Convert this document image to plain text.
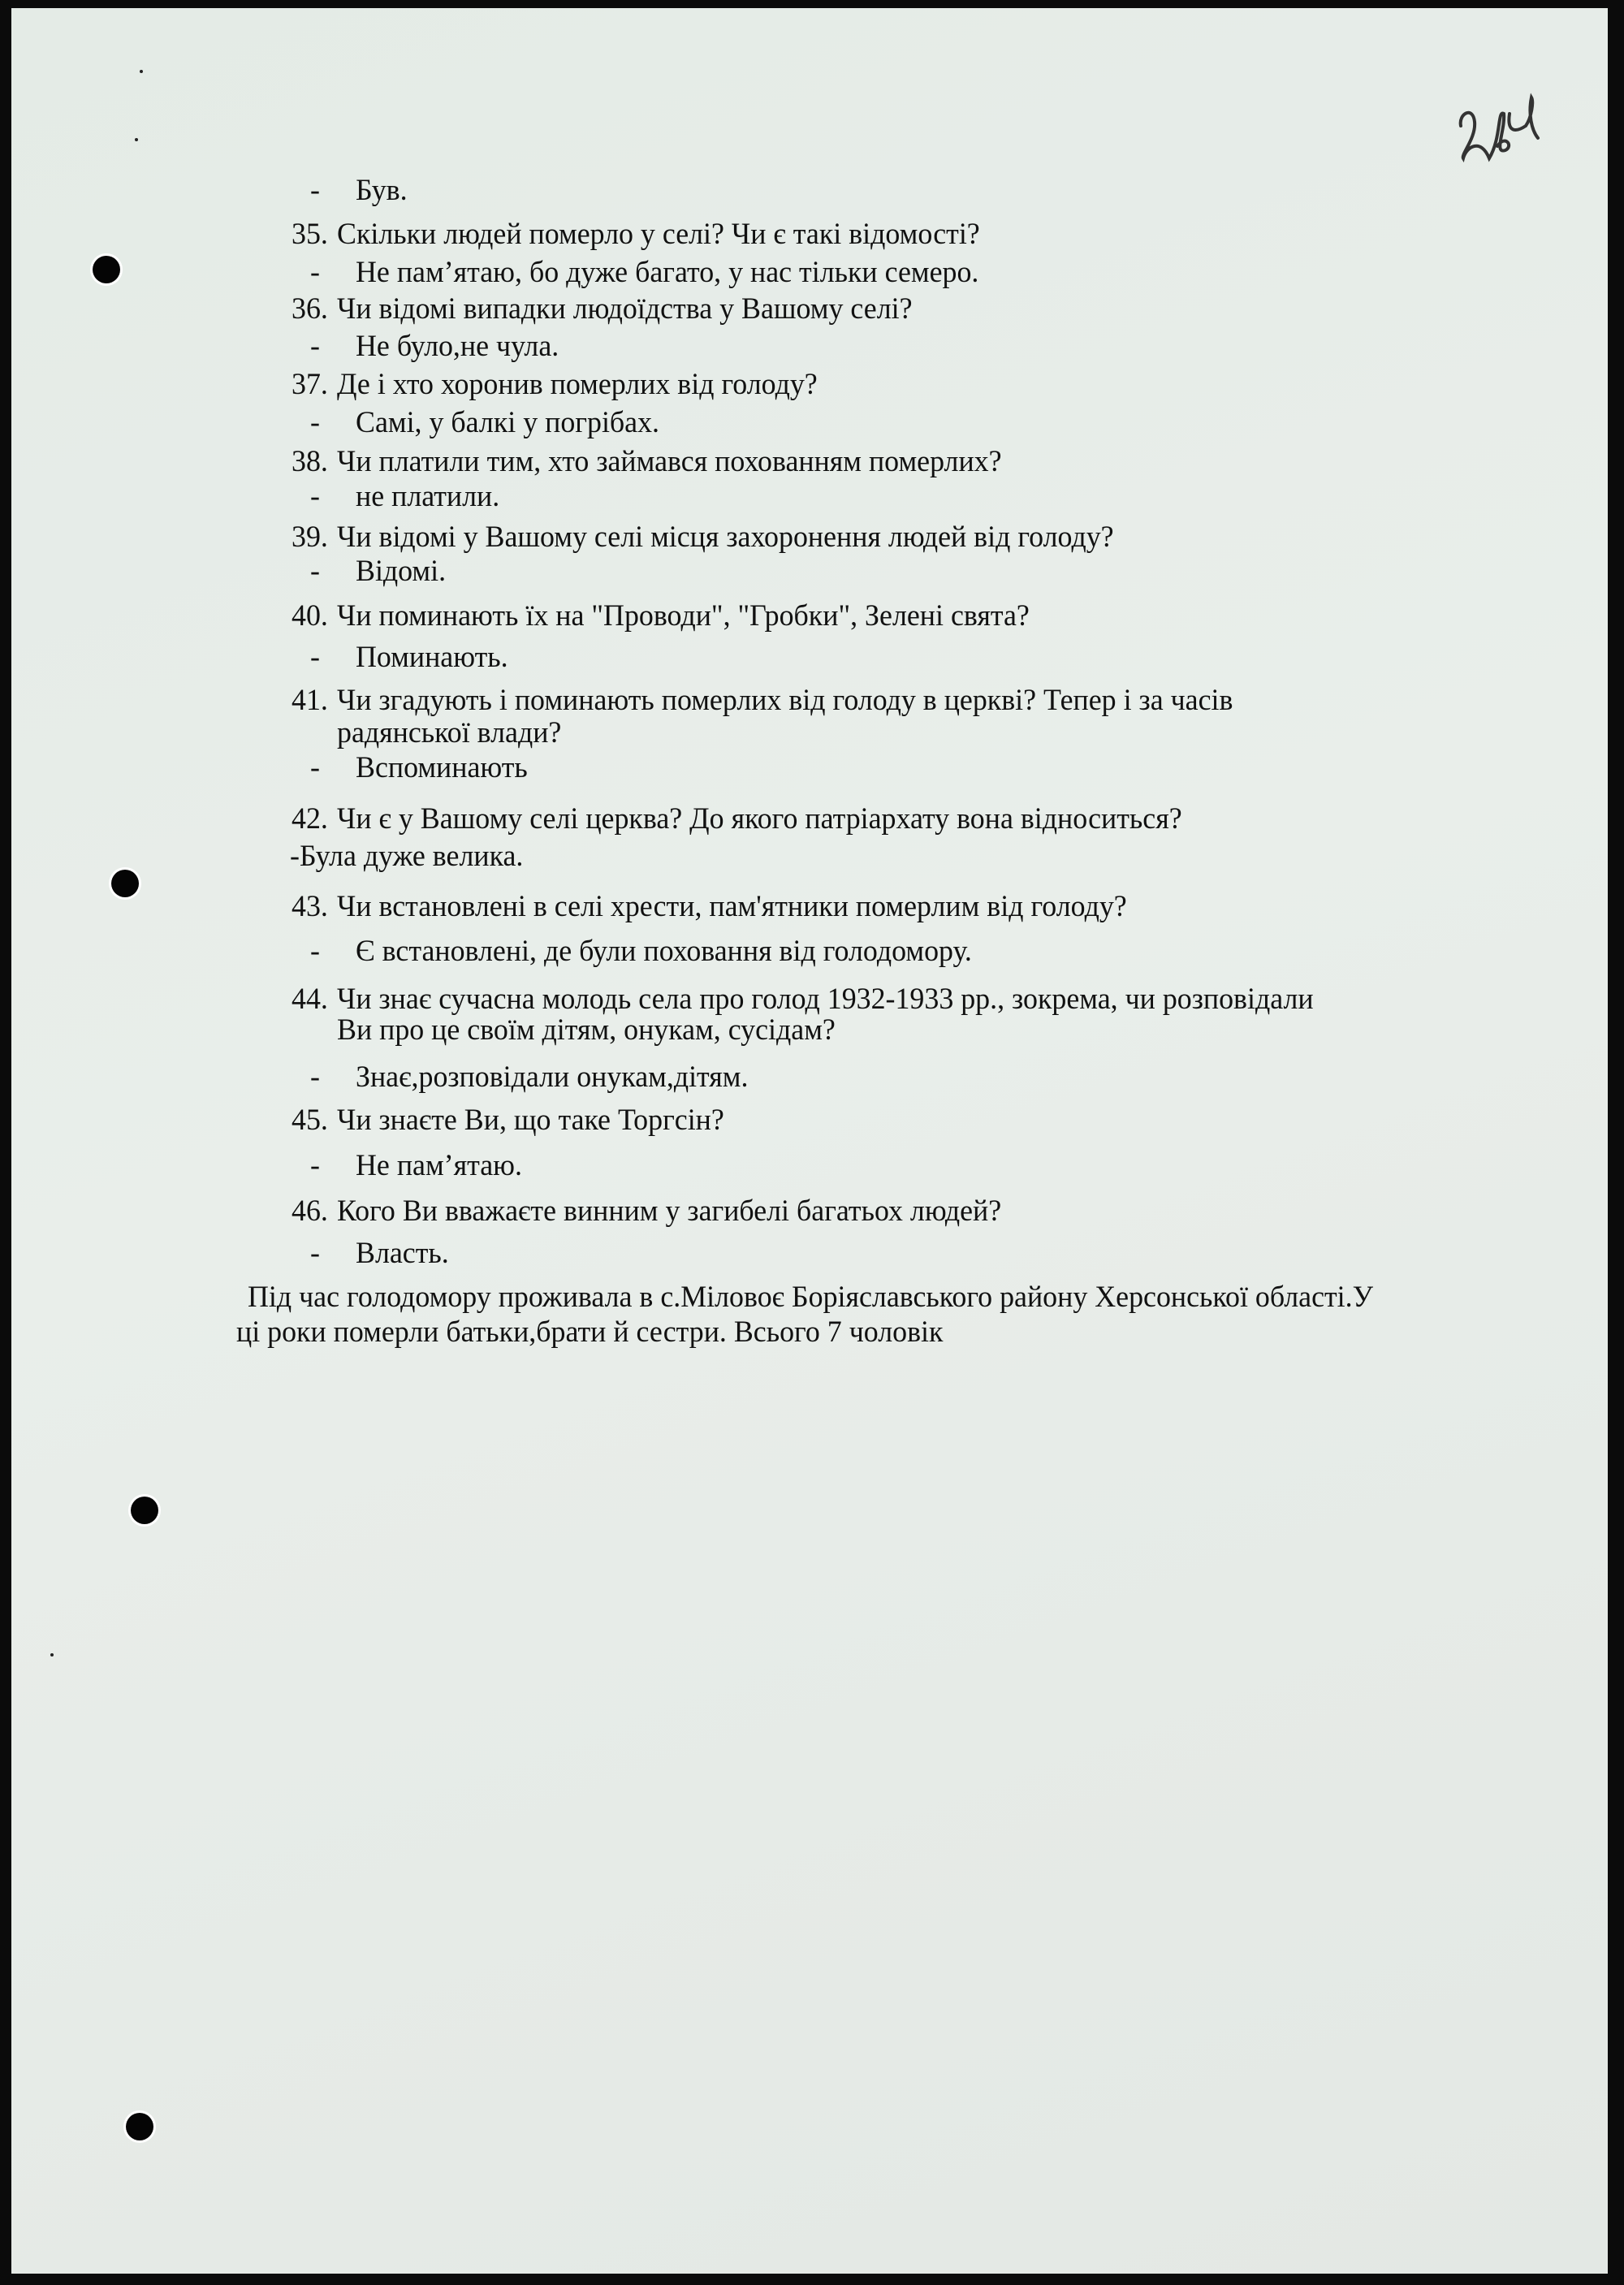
- Був.
35. Скільки людей померло у селі? Чи є такі відомості?
- Не пам’ятаю, бо дуже багато, у нас тільки семеро.
36. Чи відомі випадки людоїдства у Вашому селі?
- Не було,не чула.
37. Де і хто хоронив померлих від голоду?
- Самі, у балкі у погрібах.
38. Чи платили тим, хто займався похованням померлих?
- не платили.
39. Чи відомі у Вашому селі місця захоронення людей від голоду?
- Відомі.
40. Чи поминають їх на "Проводи", "Гробки", Зелені свята?
- Поминають.
41. Чи згадують і поминають померлих від голоду в церкві? Тепер і за часів
радянської влади?
- Вспоминають
42. Чи є у Вашому селі церква? До якого патріархату вона відноситься?
-Була дуже велика.
43. Чи встановлені в селі хрести, пам'ятники померлим від голоду?
- Є встановлені, де були поховання від голодомору.
44. Чи знає сучасна молодь села про голод 1932-1933 рр., зокрема, чи розповідали
Ви про це своїм дітям, онукам, сусідам?
- Знає,розповідали онукам,дітям.
45. Чи знаєте Ви, що таке Торгсін?
- Не пам’ятаю.
46. Кого Ви вважаєте винним у загибелі багатьох людей?
- Власть.
Під час голодомору проживала в с.Міловоє Боріяславського району Херсонської області.У
ці роки померли батьки,брати й сестри. Всього 7 чоловік
